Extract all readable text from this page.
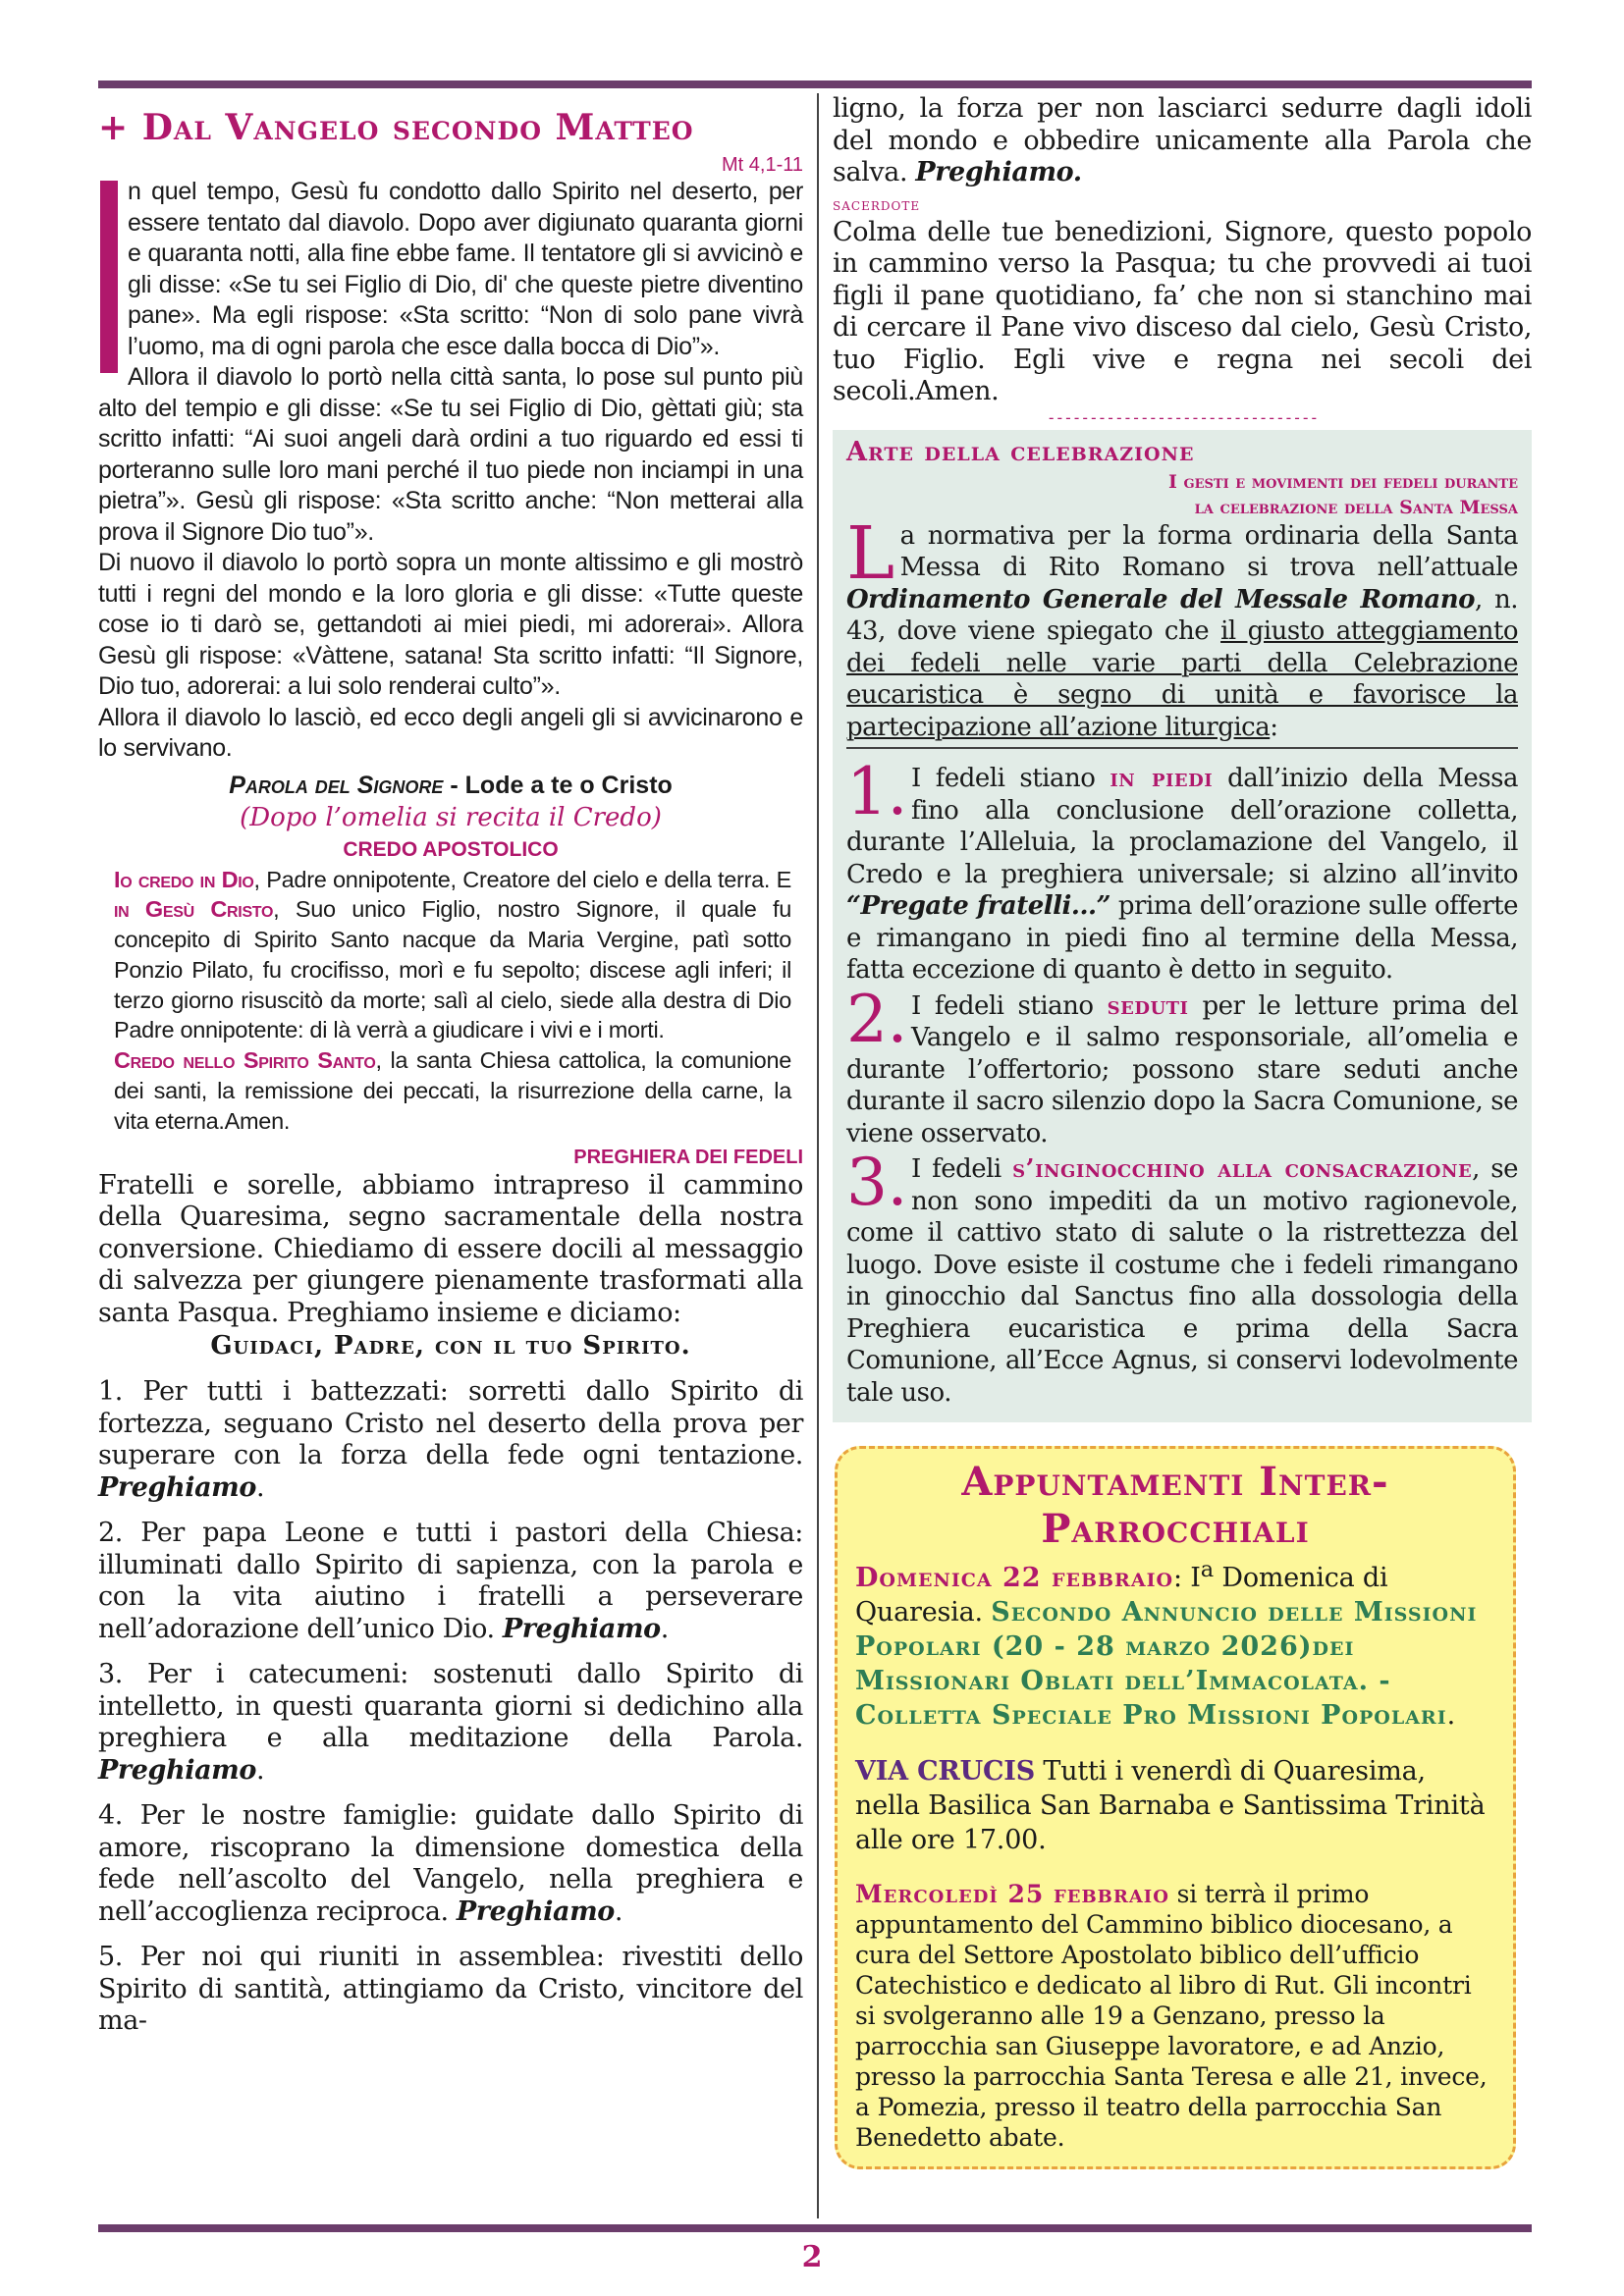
+ Dal Vangelo secondo Matteo
Mt 4,1-11

n quel tempo, Gesù fu condotto dallo Spirito nel deserto, per essere tentato dal diavolo. Dopo aver digiunato quaranta giorni e quaranta notti, alla fine ebbe fame. Il tentatore gli si avvicinò e gli disse: «Se tu sei Figlio di Dio, di' che queste pietre diventino pane». Ma egli rispose: «Sta scritto: “Non di solo pane vivrà l’uomo, ma di ogni parola che esce dalla bocca di Dio”».

Allora il diavolo lo portò nella città santa, lo pose sul punto più alto del tempio e gli disse: «Se tu sei Figlio di Dio, gèttati giù; sta scritto infatti: “Ai suoi angeli darà ordini a tuo riguardo ed essi ti porteranno sulle loro mani perché il tuo piede non inciampi in una pietra”». Gesù gli rispose: «Sta scritto anche: “Non metterai alla prova il Signore Dio tuo”».

Di nuovo il diavolo lo portò sopra un monte altissimo e gli mostrò tutti i regni del mondo e la loro gloria e gli disse: «Tutte queste cose io ti darò se, gettandoti ai miei piedi, mi adorerai». Allora Gesù gli rispose: «Vàttene, satana! Sta scritto infatti: “Il Signore, Dio tuo, adorerai: a lui solo renderai culto”».

Allora il diavolo lo lasciò, ed ecco degli angeli gli si avvicinarono e lo servivano.

Parola del Signore - Lode a te o Cristo
(Dopo l’omelia si recita il Credo)
CREDO APOSTOLICO

Io credo in Dio, Padre onnipotente, Creatore del cielo e della terra. E in Gesù Cristo, Suo unico Figlio, nostro Signore, il quale fu concepito di Spirito Santo nacque da Maria Vergine, patì sotto Ponzio Pilato, fu crocifisso, morì e fu sepolto; discese agli inferi; il terzo giorno risuscitò da morte; salì al cielo, siede alla destra di Dio Padre onnipotente: di là verrà a giudicare i vivi e i morti.

Credo nello Spirito Santo, la santa Chiesa cattolica, la comunione dei santi, la remissione dei peccati, la risurrezione della carne, la vita eterna.Amen.

PREGHIERA DEI FEDELI

Fratelli e sorelle, abbiamo intrapreso il cammino della Quaresima, segno sacramentale della nostra conversione. Chiediamo di essere docili al messaggio di salvezza per giungere pienamente trasformati alla santa Pasqua. Preghiamo insieme e diciamo:

Guidaci, Padre, con il tuo Spirito.

1. Per tutti i battezzati: sorretti dallo Spirito di fortezza, seguano Cristo nel deserto della prova per superare con la forza della fede ogni tentazione. Preghiamo.

2. Per papa Leone e tutti i pastori della Chiesa: illuminati dallo Spirito di sapienza, con la parola e con la vita aiutino i fratelli a perseverare nell’adorazione dell’unico Dio. Preghiamo.

3. Per i catecumeni: sostenuti dallo Spirito di intelletto, in questi quaranta giorni si dedichino alla preghiera e alla meditazione della Parola. Preghiamo.

4. Per le nostre famiglie: guidate dallo Spirito di amore, riscoprano la dimensione domestica della fede nell’ascolto del Vangelo, nella preghiera e nell’accoglienza reciproca. Preghiamo.

5. Per noi qui riuniti in assemblea: rivestiti dello Spirito di santità, attingiamo da Cristo, vincitore del ma-

ligno, la forza per non lasciarci sedurre dagli idoli del mondo e obbedire unicamente alla Parola che salva. Preghiamo.

sacerdote

Colma delle tue benedizioni, Signore, questo popolo in cammino verso la Pasqua; tu che provvedi ai tuoi figli il pane quotidiano, fa’ che non si stanchino mai di cercare il Pane vivo disceso dal cielo, Gesù Cristo, tuo Figlio. Egli vive e regna nei secoli dei secoli.Amen.

--------------------------------
Arte della celebrazione
I gesti e movimenti dei fedeli durante
la celebrazione della Santa Messa

La normativa per la forma ordinaria della Santa Messa di Rito Romano si trova nell’attuale Ordinamento Generale del Messale Romano, n. 43, dove viene spiegato che il giusto atteggiamento dei fedeli nelle varie parti della Celebrazione eucaristica è segno di unità e favorisce la partecipazione all’azione liturgica:

1. I fedeli stiano in piedi dall’inizio della Messa fino alla conclusione dell’orazione colletta, durante l’Alleluia, la proclamazione del Vangelo, il Credo e la preghiera universale; si alzino all’invito “Pregate fratelli...” prima dell’orazione sulle offerte e rimangano in piedi fino al termine della Messa, fatta eccezione di quanto è detto in seguito.

2. I fedeli stiano seduti per le letture prima del Vangelo e il salmo responsoriale, all’omelia e durante l’offertorio; possono stare seduti anche durante il sacro silenzio dopo la Sacra Comunione, se viene osservato.

3. I fedeli s’inginocchino alla consacrazione, se non sono impediti da un motivo ragionevole, come il cattivo stato di salute o la ristrettezza del luogo. Dove esiste il costume che i fedeli rimangano in ginocchio dal Sanctus fino alla dossologia della Preghiera eucaristica e prima della Sacra Comunione, all’Ecce Agnus, si conservi lodevolmente tale uso.

Appuntamenti Inter-Parrocchiali

Domenica 22 febbraio: $I^a$ Domenica di Quaresia. Secondo Annuncio delle Missioni Popolari (20 - 28 marzo 2026)dei Missionari Oblati dell’Immacolata. - Colletta Speciale Pro Missioni Popolari.

VIA CRUCIS Tutti i venerdì di Quaresima, nella Basilica San Barnaba e Santissima Trinità alle ore 17.00.

Mercoledì 25 febbraio si terrà il primo appuntamento del Cammino biblico diocesano, a cura del Settore Apostolato biblico dell’ufficio Catechistico e dedicato al libro di Rut. Gli incontri si svolgeranno alle 19 a Genzano, presso la parrocchia san Giuseppe lavoratore, e ad Anzio, presso la parrocchia Santa Teresa e alle 21, invece, a Pomezia, presso il teatro della parrocchia San Benedetto abate.

2
